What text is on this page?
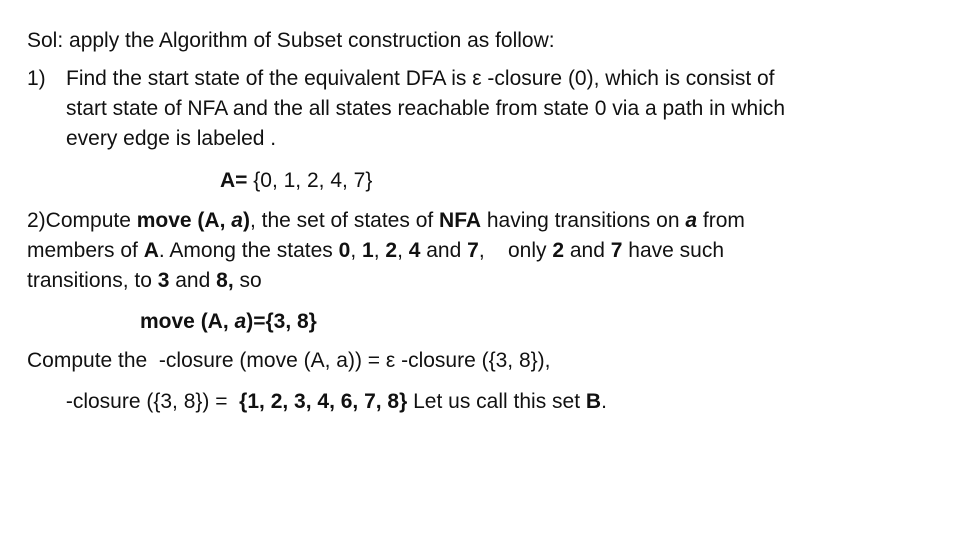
Sol: apply the Algorithm of Subset construction as follow:
1) Find the start state of the equivalent DFA is ε -closure (0), which is consist of
start state of NFA and the all states reachable from state 0 via a path in which
every edge is labeled .
A= {0, 1, 2, 4, 7}
2)Compute move (A, a), the set of states of NFA having transitions on a from
members of A. Among the states 0, 1, 2, 4 and 7,    only 2 and 7 have such
transitions, to 3 and 8, so
move (A, a)={3, 8}
Compute the  -closure (move (A, a)) = ε -closure ({3, 8}),
-closure ({3, 8}) =  {1, 2, 3, 4, 6, 7, 8} Let us call this set B.
